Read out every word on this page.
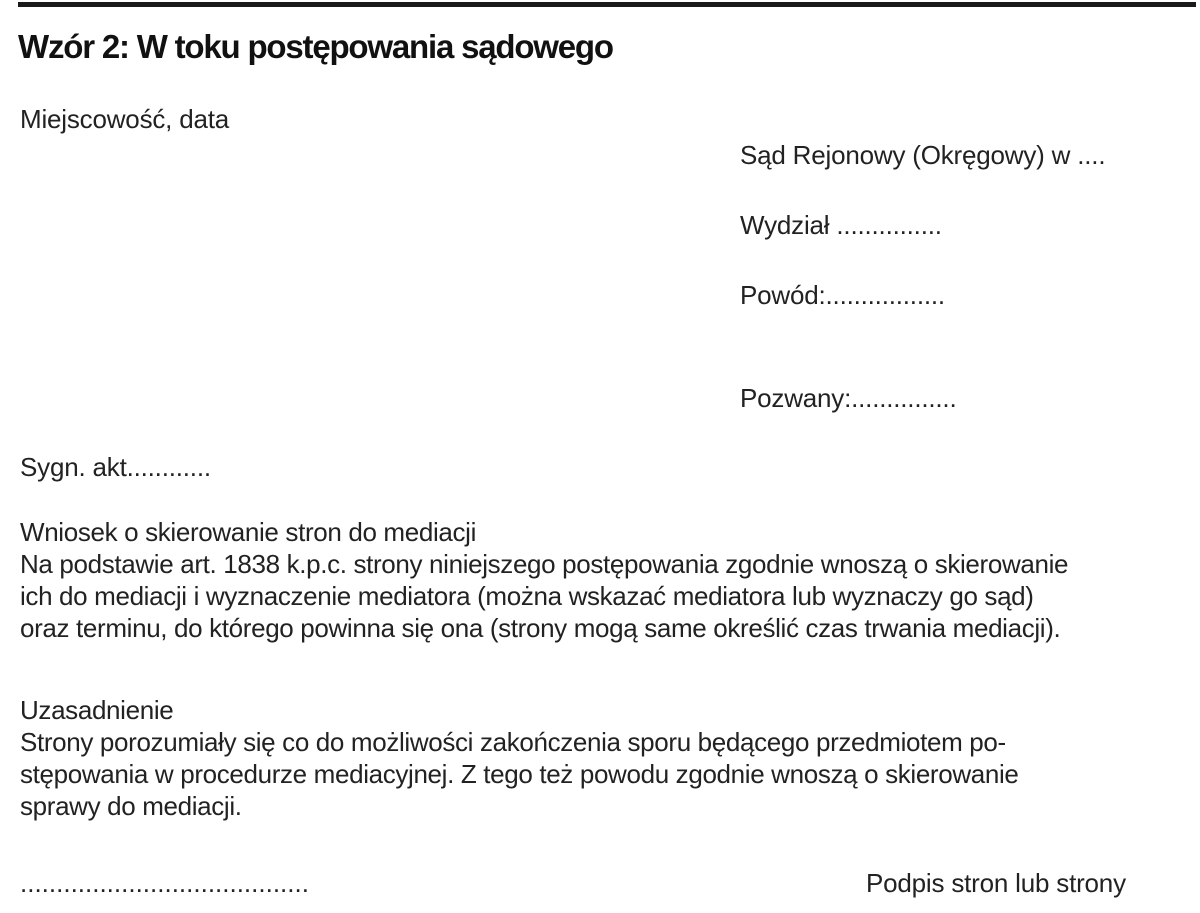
Wzór 2: W toku postępowania sądowego
Miejscowość, data
Sąd Rejonowy (Okręgowy) w ....
Wydział ...............
Powód:.................
Pozwany:...............
Sygn. akt............
Wniosek o skierowanie stron do mediacji
Na podstawie art. 1838 k.p.c. strony niniejszego postępowania zgodnie wnoszą o skierowanie
ich do mediacji i wyznaczenie mediatora (można wskazać mediatora lub wyznaczy go sąd)
oraz terminu, do którego powinna się ona (strony mogą same określić czas trwania mediacji).
Uzasadnienie
Strony porozumiały się co do możliwości zakończenia sporu będącego przedmiotem po-
stępowania w procedurze mediacyjnej. Z tego też powodu zgodnie wnoszą o skierowanie
sprawy do mediacji.
........................................	Podpis stron lub strony
